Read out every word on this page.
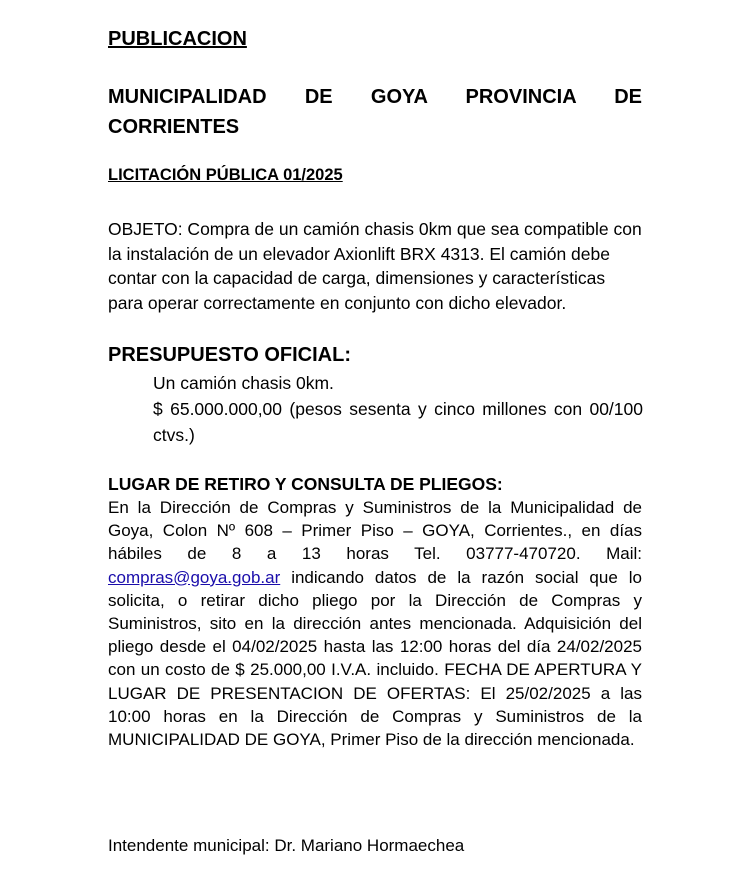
PUBLICACION
MUNICIPALIDAD DE GOYA PROVINCIA DE CORRIENTES
LICITACIÓN PÚBLICA 01/2025
OBJETO: Compra de un camión chasis 0km que sea compatible con la instalación de un elevador Axionlift BRX 4313. El camión debe contar con la capacidad de carga, dimensiones y características para operar correctamente en conjunto con dicho elevador.
PRESUPUESTO OFICIAL:
Un camión chasis 0km.
$ 65.000.000,00 (pesos sesenta y cinco millones con 00/100 ctvs.)
LUGAR DE RETIRO Y CONSULTA DE PLIEGOS:
En la Dirección de Compras y Suministros de la Municipalidad de Goya, Colon Nº 608 – Primer Piso – GOYA, Corrientes., en días hábiles de 8 a 13 horas Tel. 03777-470720. Mail: compras@goya.gob.ar indicando datos de la razón social que lo solicita, o retirar dicho pliego por la Dirección de Compras y Suministros, sito en la dirección antes mencionada. Adquisición del pliego desde el 04/02/2025 hasta las 12:00 horas del día 24/02/2025 con un costo de $ 25.000,00 I.V.A. incluido. FECHA DE APERTURA Y LUGAR DE PRESENTACION DE OFERTAS: El 25/02/2025 a las 10:00 horas en la Dirección de Compras y Suministros de la MUNICIPALIDAD DE GOYA, Primer Piso de la dirección mencionada.
Intendente municipal: Dr. Mariano Hormaechea
